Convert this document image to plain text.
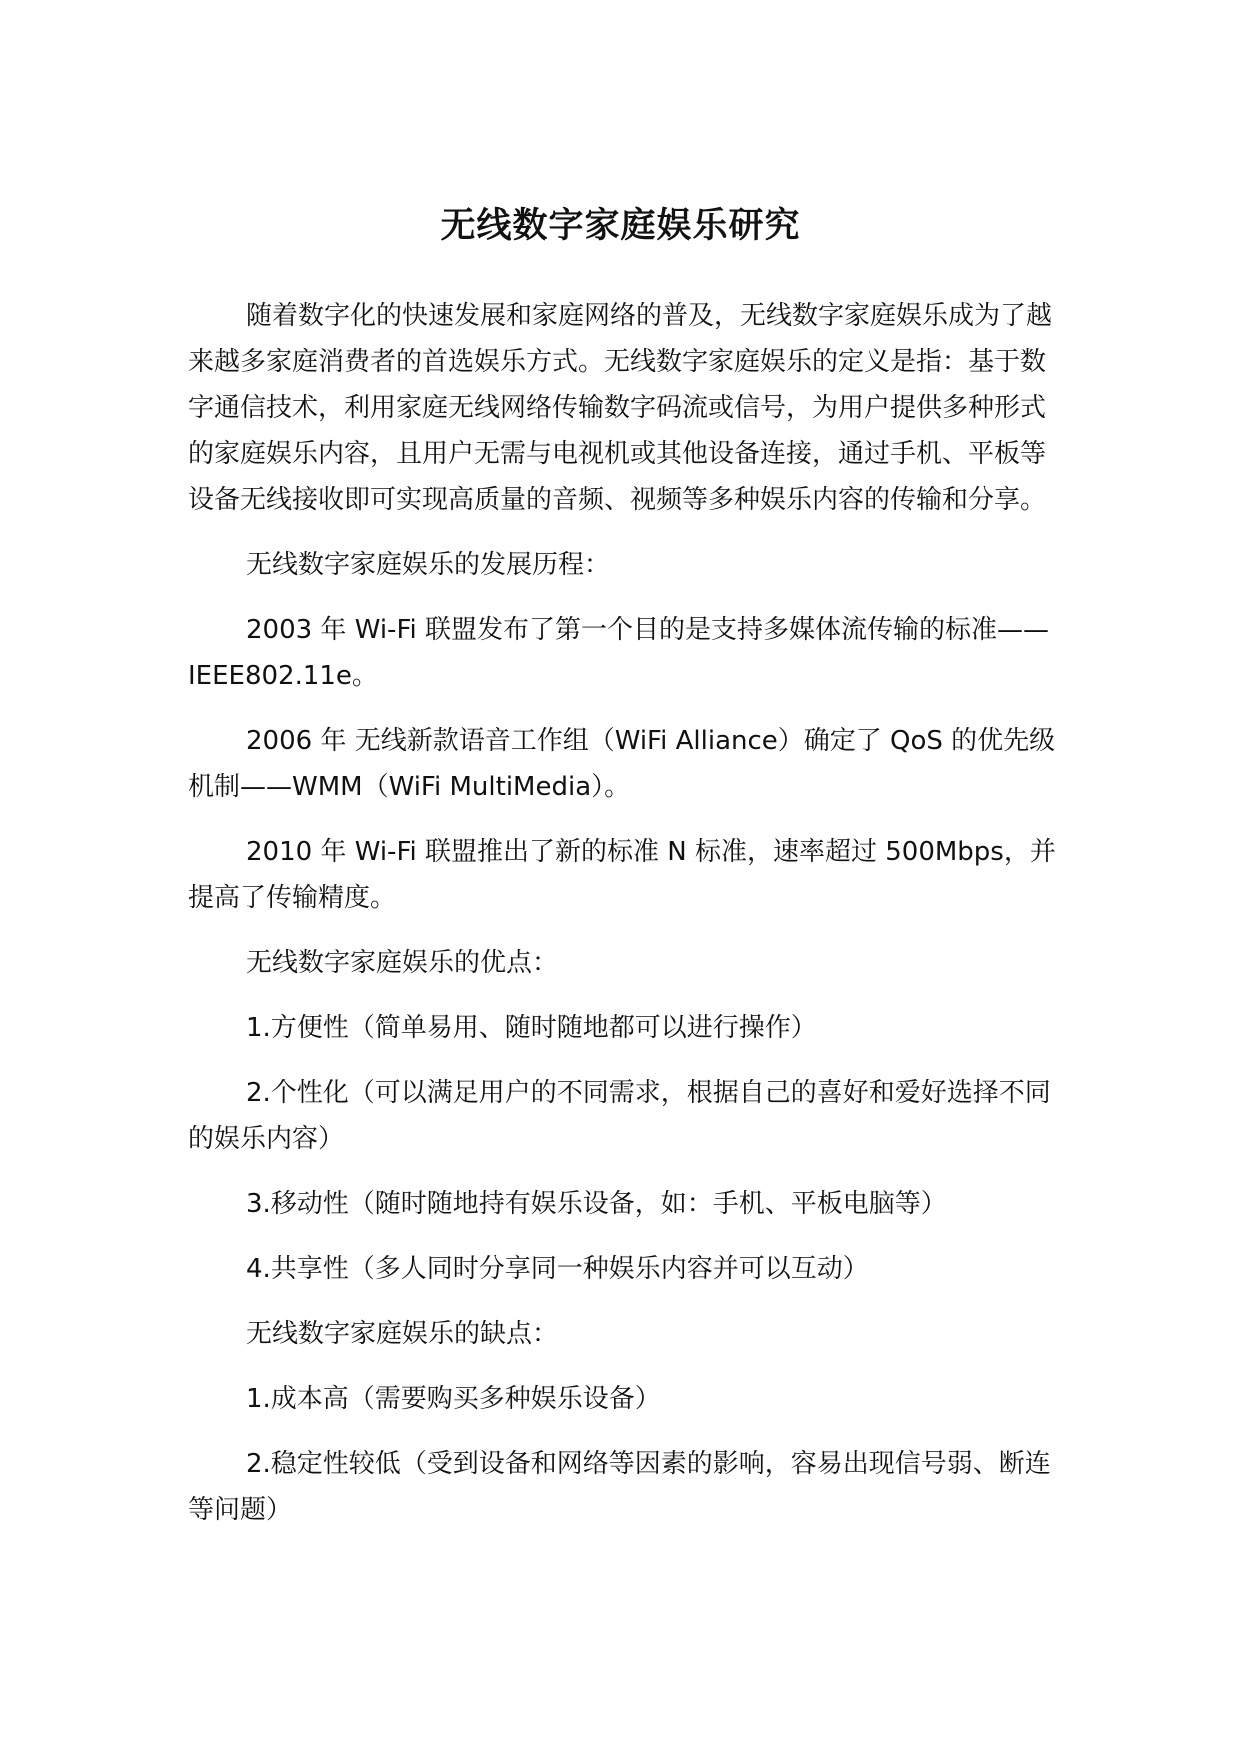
无线数字家庭娱乐研究

随着数字化的快速发展和家庭网络的普及，无线数字家庭娱乐成为了越来越多家庭消费者的首选娱乐方式。无线数字家庭娱乐的定义是指：基于数字通信技术，利用家庭无线网络传输数字码流或信号，为用户提供多种形式的家庭娱乐内容，且用户无需与电视机或其他设备连接，通过手机、平板等设备无线接收即可实现高质量的音频、视频等多种娱乐内容的传输和分享。

无线数字家庭娱乐的发展历程：

2003 年 Wi-Fi 联盟发布了第一个目的是支持多媒体流传输的标准——IEEE802.11e。

2006 年 无线新款语音工作组（WiFi Alliance）确定了 QoS 的优先级机制——WMM（WiFi MultiMedia）。

2010 年 Wi-Fi 联盟推出了新的标准 N 标准，速率超过 500Mbps，并提高了传输精度。

无线数字家庭娱乐的优点：

1.方便性（简单易用、随时随地都可以进行操作）

2.个性化（可以满足用户的不同需求，根据自己的喜好和爱好选择不同的娱乐内容）

3.移动性（随时随地持有娱乐设备，如：手机、平板电脑等）

4.共享性（多人同时分享同一种娱乐内容并可以互动）

无线数字家庭娱乐的缺点：

1.成本高（需要购买多种娱乐设备）

2.稳定性较低（受到设备和网络等因素的影响，容易出现信号弱、断连等问题）
